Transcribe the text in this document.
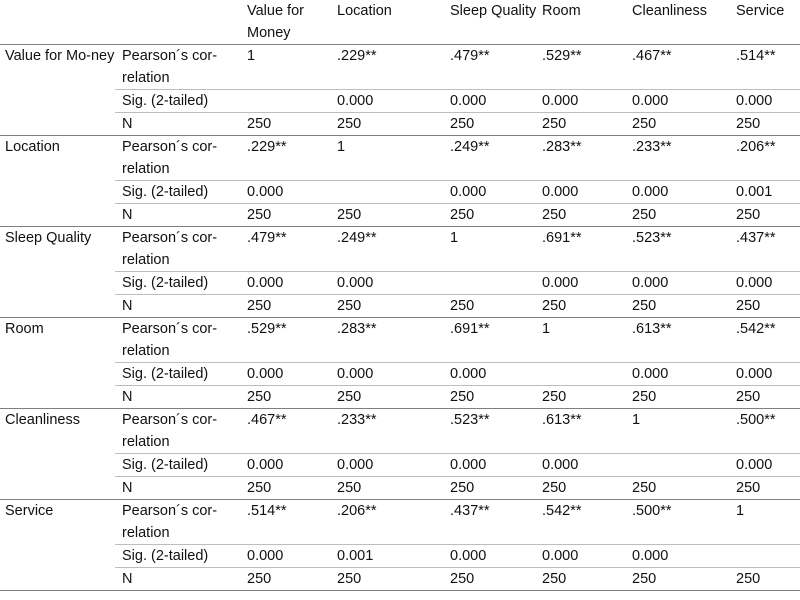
		Value for Money	Location	Sleep Quality	Room	Cleanliness	Service
Value for Mo-ney	Pearson´s cor-relation	1	.229**	.479**	.529**	.467**	.514**
	Sig. (2-tailed)		0.000	0.000	0.000	0.000	0.000
	N	250	250	250	250	250	250
Location	Pearson´s cor-relation	.229**	1	.249**	.283**	.233**	.206**
	Sig. (2-tailed)	0.000		0.000	0.000	0.000	0.001
	N	250	250	250	250	250	250
Sleep Quality	Pearson´s cor-relation	.479**	.249**	1	.691**	.523**	.437**
	Sig. (2-tailed)	0.000	0.000		0.000	0.000	0.000
	N	250	250	250	250	250	250
Room	Pearson´s cor-relation	.529**	.283**	.691**	1	.613**	.542**
	Sig. (2-tailed)	0.000	0.000	0.000		0.000	0.000
	N	250	250	250	250	250	250
Cleanliness	Pearson´s cor-relation	.467**	.233**	.523**	.613**	1	.500**
	Sig. (2-tailed)	0.000	0.000	0.000	0.000		0.000
	N	250	250	250	250	250	250
Service	Pearson´s cor-relation	.514**	.206**	.437**	.542**	.500**	1
	Sig. (2-tailed)	0.000	0.001	0.000	0.000	0.000	
	N	250	250	250	250	250	250
